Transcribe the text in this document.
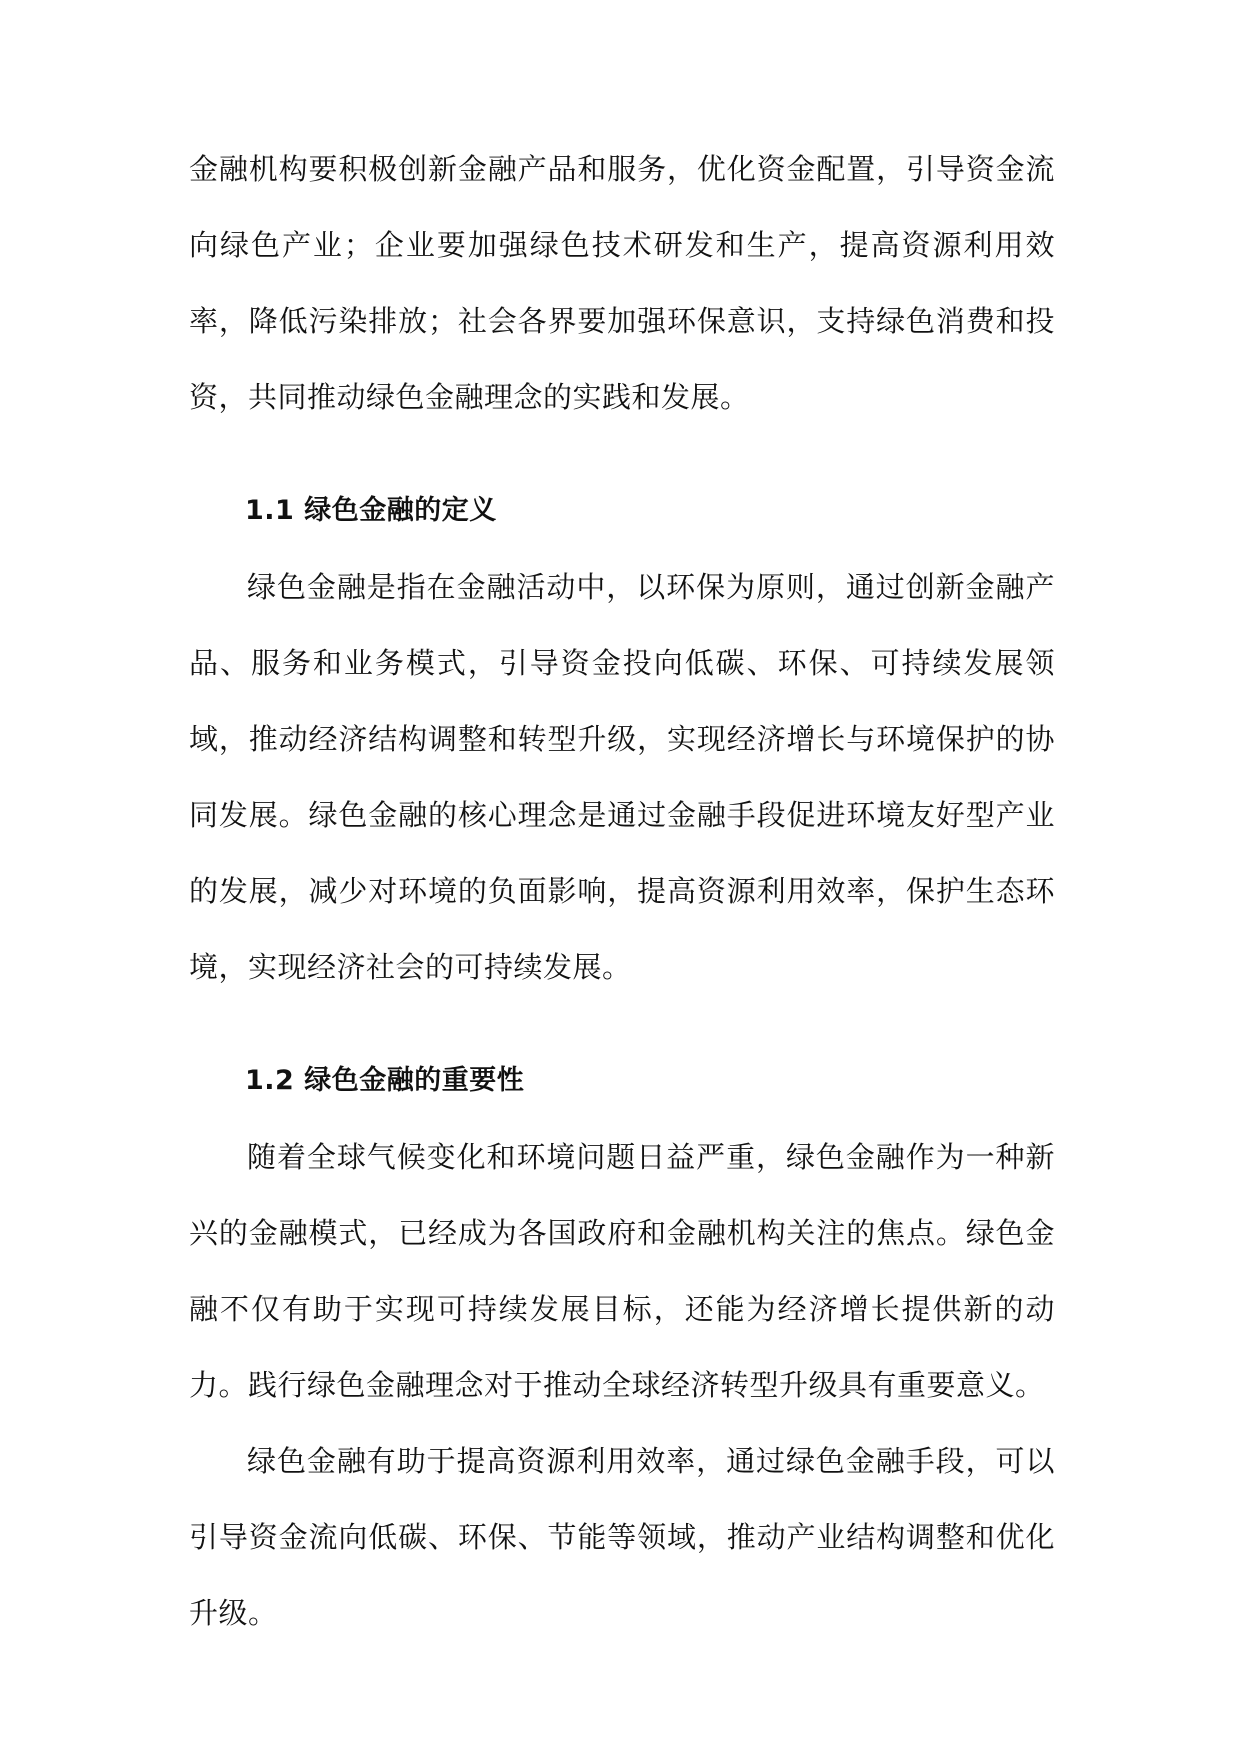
金融机构要积极创新金融产品和服务，优化资金配置，引导资金流向绿色产业；企业要加强绿色技术研发和生产，提高资源利用效率，降低污染排放；社会各界要加强环保意识，支持绿色消费和投资，共同推动绿色金融理念的实践和发展。

1.1 绿色金融的定义

绿色金融是指在金融活动中，以环保为原则，通过创新金融产品、服务和业务模式，引导资金投向低碳、环保、可持续发展领域，推动经济结构调整和转型升级，实现经济增长与环境保护的协同发展。绿色金融的核心理念是通过金融手段促进环境友好型产业的发展，减少对环境的负面影响，提高资源利用效率，保护生态环境，实现经济社会的可持续发展。

1.2 绿色金融的重要性

随着全球气候变化和环境问题日益严重，绿色金融作为一种新兴的金融模式，已经成为各国政府和金融机构关注的焦点。绿色金融不仅有助于实现可持续发展目标，还能为经济增长提供新的动力。践行绿色金融理念对于推动全球经济转型升级具有重要意义。

绿色金融有助于提高资源利用效率，通过绿色金融手段，可以引导资金流向低碳、环保、节能等领域，推动产业结构调整和优化升级。
